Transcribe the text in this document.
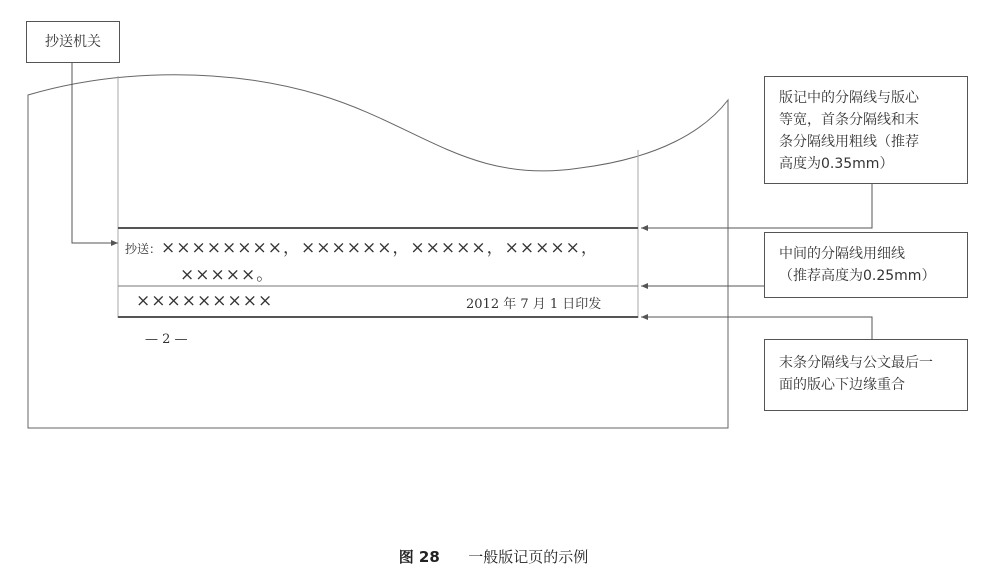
抄送机关
版记中的分隔线与版心
等宽，首条分隔线和末
条分隔线用粗线（推荐
高度为0.35mm）
中间的分隔线用细线
（推荐高度为0.25mm）
末条分隔线与公文最后一
面的版心下边缘重合
抄送：××××××××，××××××，×××××，×××××，
×××××。
×××××××××	2012 年 7 月 1 日印发
— 2 —
图 28 一般版记页的示例
